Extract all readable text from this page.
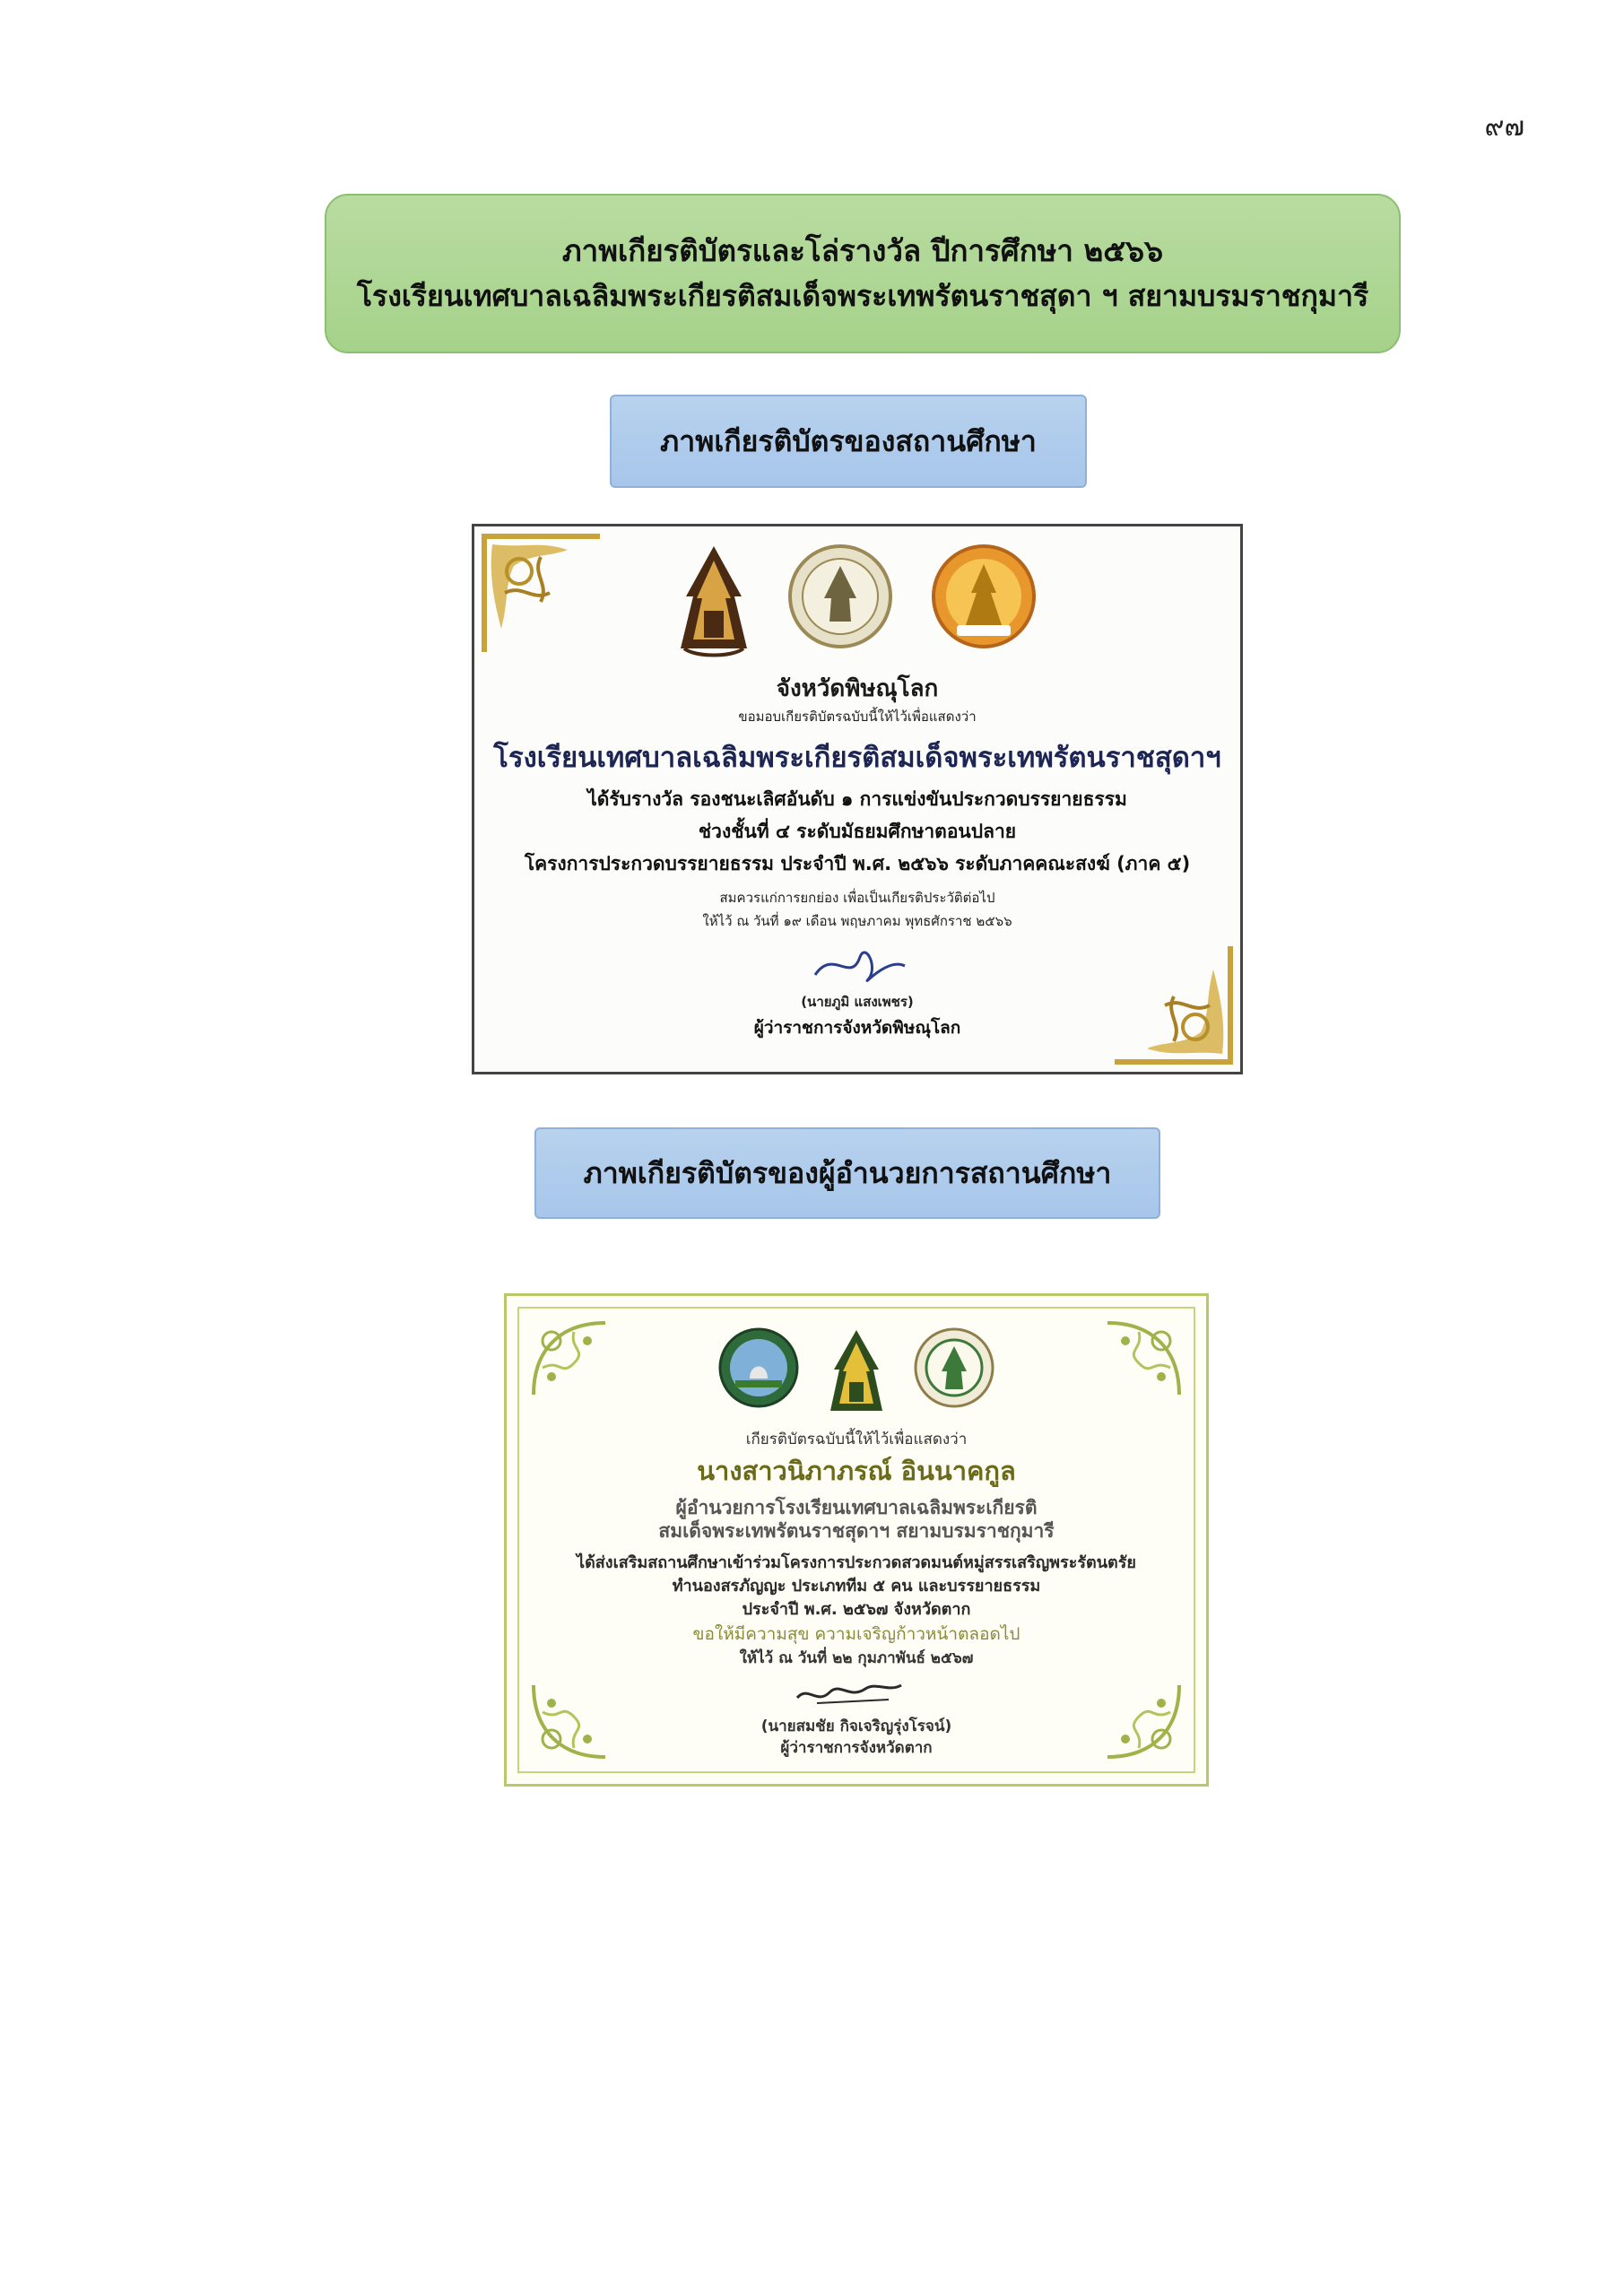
๙๗
ภาพเกียรติบัตรและโล่รางวัล ปีการศึกษา ๒๕๖๖
โรงเรียนเทศบาลเฉลิมพระเกียรติสมเด็จพระเทพรัตนราชสุดา ฯ สยามบรมราชกุมารี
ภาพเกียรติบัตรของสถานศึกษา
จังหวัดพิษณุโลก
ขอมอบเกียรติบัตรฉบับนี้ให้ไว้เพื่อแสดงว่า
โรงเรียนเทศบาลเฉลิมพระเกียรติสมเด็จพระเทพรัตนราชสุดาฯ
ได้รับรางวัล รองชนะเลิศอันดับ ๑ การแข่งขันประกวดบรรยายธรรม
ช่วงชั้นที่ ๔ ระดับมัธยมศึกษาตอนปลาย
โครงการประกวดบรรยายธรรม ประจำปี พ.ศ. ๒๕๖๖ ระดับภาคคณะสงฆ์ (ภาค ๕)
สมควรแก่การยกย่อง เพื่อเป็นเกียรติประวัติต่อไป
ให้ไว้ ณ วันที่ ๑๙ เดือน พฤษภาคม พุทธศักราช ๒๕๖๖
(นายภูมิ แสงเพชร)
ผู้ว่าราชการจังหวัดพิษณุโลก
ภาพเกียรติบัตรของผู้อำนวยการสถานศึกษา
เกียรติบัตรฉบับนี้ให้ไว้เพื่อแสดงว่า
นางสาวนิภาภรณ์ อินนาคกูล
ผู้อำนวยการโรงเรียนเทศบาลเฉลิมพระเกียรติ
สมเด็จพระเทพรัตนราชสุดาฯ สยามบรมราชกุมารี
ได้ส่งเสริมสถานศึกษาเข้าร่วมโครงการประกวดสวดมนต์หมู่สรรเสริญพระรัตนตรัย
ทำนองสรภัญญะ ประเภททีม ๕ คน และบรรยายธรรม
ประจำปี พ.ศ. ๒๕๖๗ จังหวัดตาก
ขอให้มีความสุข ความเจริญก้าวหน้าตลอดไป
ให้ไว้ ณ วันที่ ๒๒ กุมภาพันธ์ ๒๕๖๗
(นายสมชัย กิจเจริญรุ่งโรจน์)
ผู้ว่าราชการจังหวัดตาก
